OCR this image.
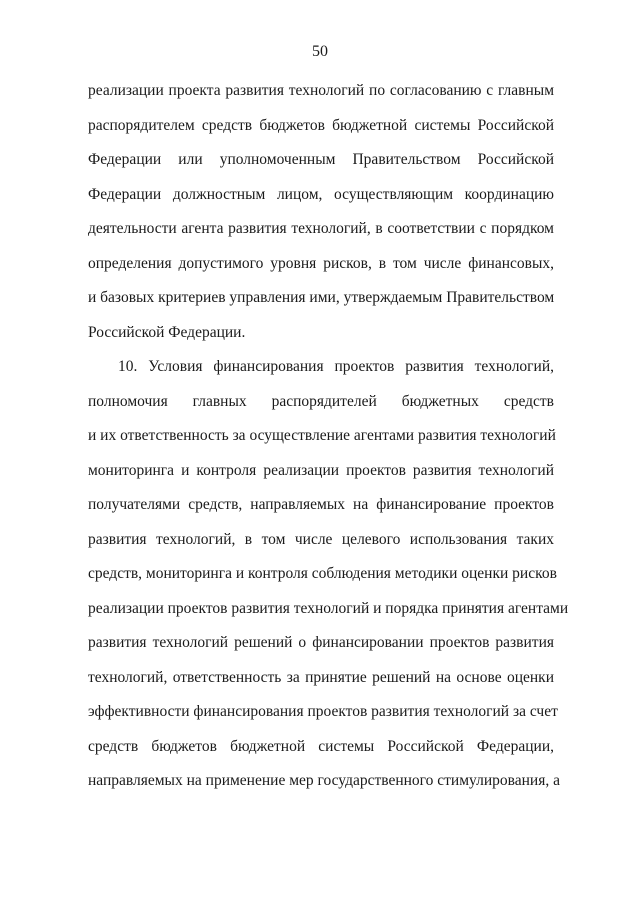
50
реализации проекта развития технологий по согласованию с главным
распорядителем средств бюджетов бюджетной системы Российской
Федерации или уполномоченным Правительством Российской
Федерации должностным лицом, осуществляющим координацию
деятельности агента развития технологий, в соответствии с порядком
определения допустимого уровня рисков, в том числе финансовых,
и базовых критериев управления ими, утверждаемым Правительством
Российской Федерации.
10. Условия финансирования проектов развития технологий,
полномочия главных распорядителей бюджетных средств
и их ответственность за осуществление агентами развития технологий
мониторинга и контроля реализации проектов развития технологий
получателями средств, направляемых на финансирование проектов
развития технологий, в том числе целевого использования таких
средств, мониторинга и контроля соблюдения методики оценки рисков
реализации проектов развития технологий и порядка принятия агентами
развития технологий решений о финансировании проектов развития
технологий, ответственность за принятие решений на основе оценки
эффективности финансирования проектов развития технологий за счет
средств бюджетов бюджетной системы Российской Федерации,
направляемых на применение мер государственного стимулирования, а
